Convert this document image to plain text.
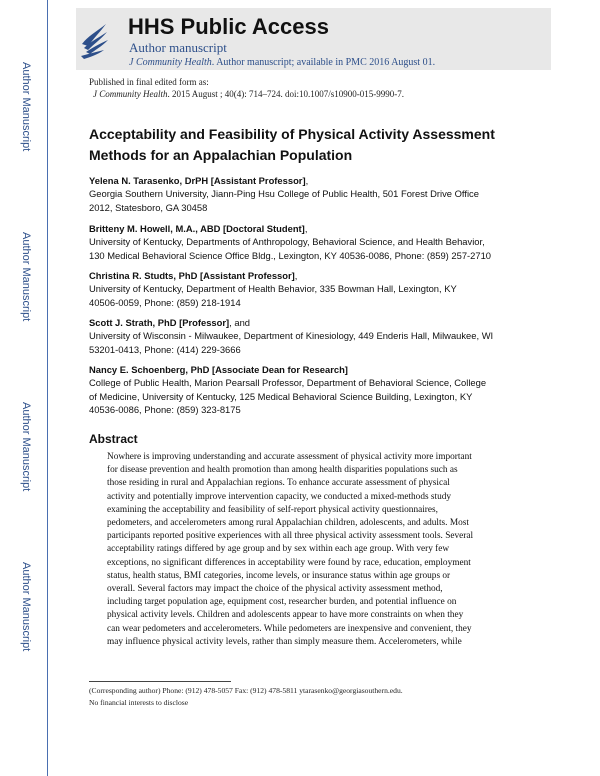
Author Manuscript
Author Manuscript
Author Manuscript
Author Manuscript
HHS Public Access
Author manuscript
J Community Health. Author manuscript; available in PMC 2016 August 01.
Published in final edited form as:
J Community Health. 2015 August ; 40(4): 714–724. doi:10.1007/s10900-015-9990-7.
Acceptability and Feasibility of Physical Activity Assessment
Methods for an Appalachian Population
Yelena N. Tarasenko, DrPH [Assistant Professor],
Georgia Southern University, Jiann-Ping Hsu College of Public Health, 501 Forest Drive Office
2012, Statesboro, GA 30458
Britteny M. Howell, M.A., ABD [Doctoral Student],
University of Kentucky, Departments of Anthropology, Behavioral Science, and Health Behavior,
130 Medical Behavioral Science Office Bldg., Lexington, KY 40536-0086, Phone: (859) 257-2710
Christina R. Studts, PhD [Assistant Professor],
University of Kentucky, Department of Health Behavior, 335 Bowman Hall, Lexington, KY
40506-0059, Phone: (859) 218-1914
Scott J. Strath, PhD [Professor], and
University of Wisconsin - Milwaukee, Department of Kinesiology, 449 Enderis Hall, Milwaukee, WI
53201-0413, Phone: (414) 229-3666
Nancy E. Schoenberg, PhD [Associate Dean for Research]
College of Public Health, Marion Pearsall Professor, Department of Behavioral Science, College
of Medicine, University of Kentucky, 125 Medical Behavioral Science Building, Lexington, KY
40536-0086, Phone: (859) 323-8175
Abstract
Nowhere is improving understanding and accurate assessment of physical activity more important
for disease prevention and health promotion than among health disparities populations such as
those residing in rural and Appalachian regions. To enhance accurate assessment of physical
activity and potentially improve intervention capacity, we conducted a mixed-methods study
examining the acceptability and feasibility of self-report physical activity questionnaires,
pedometers, and accelerometers among rural Appalachian children, adolescents, and adults. Most
participants reported positive experiences with all three physical activity assessment tools. Several
acceptability ratings differed by age group and by sex within each age group. With very few
exceptions, no significant differences in acceptability were found by race, education, employment
status, health status, BMI categories, income levels, or insurance status within age groups or
overall. Several factors may impact the choice of the physical activity assessment method,
including target population age, equipment cost, researcher burden, and potential influence on
physical activity levels. Children and adolescents appear to have more constraints on when they
can wear pedometers and accelerometers. While pedometers are inexpensive and convenient, they
may influence physical activity levels, rather than simply measure them. Accelerometers, while
(Corresponding author) Phone: (912) 478-5057 Fax: (912) 478-5811 ytarasenko@georgiasouthern.edu.
No financial interests to disclose
